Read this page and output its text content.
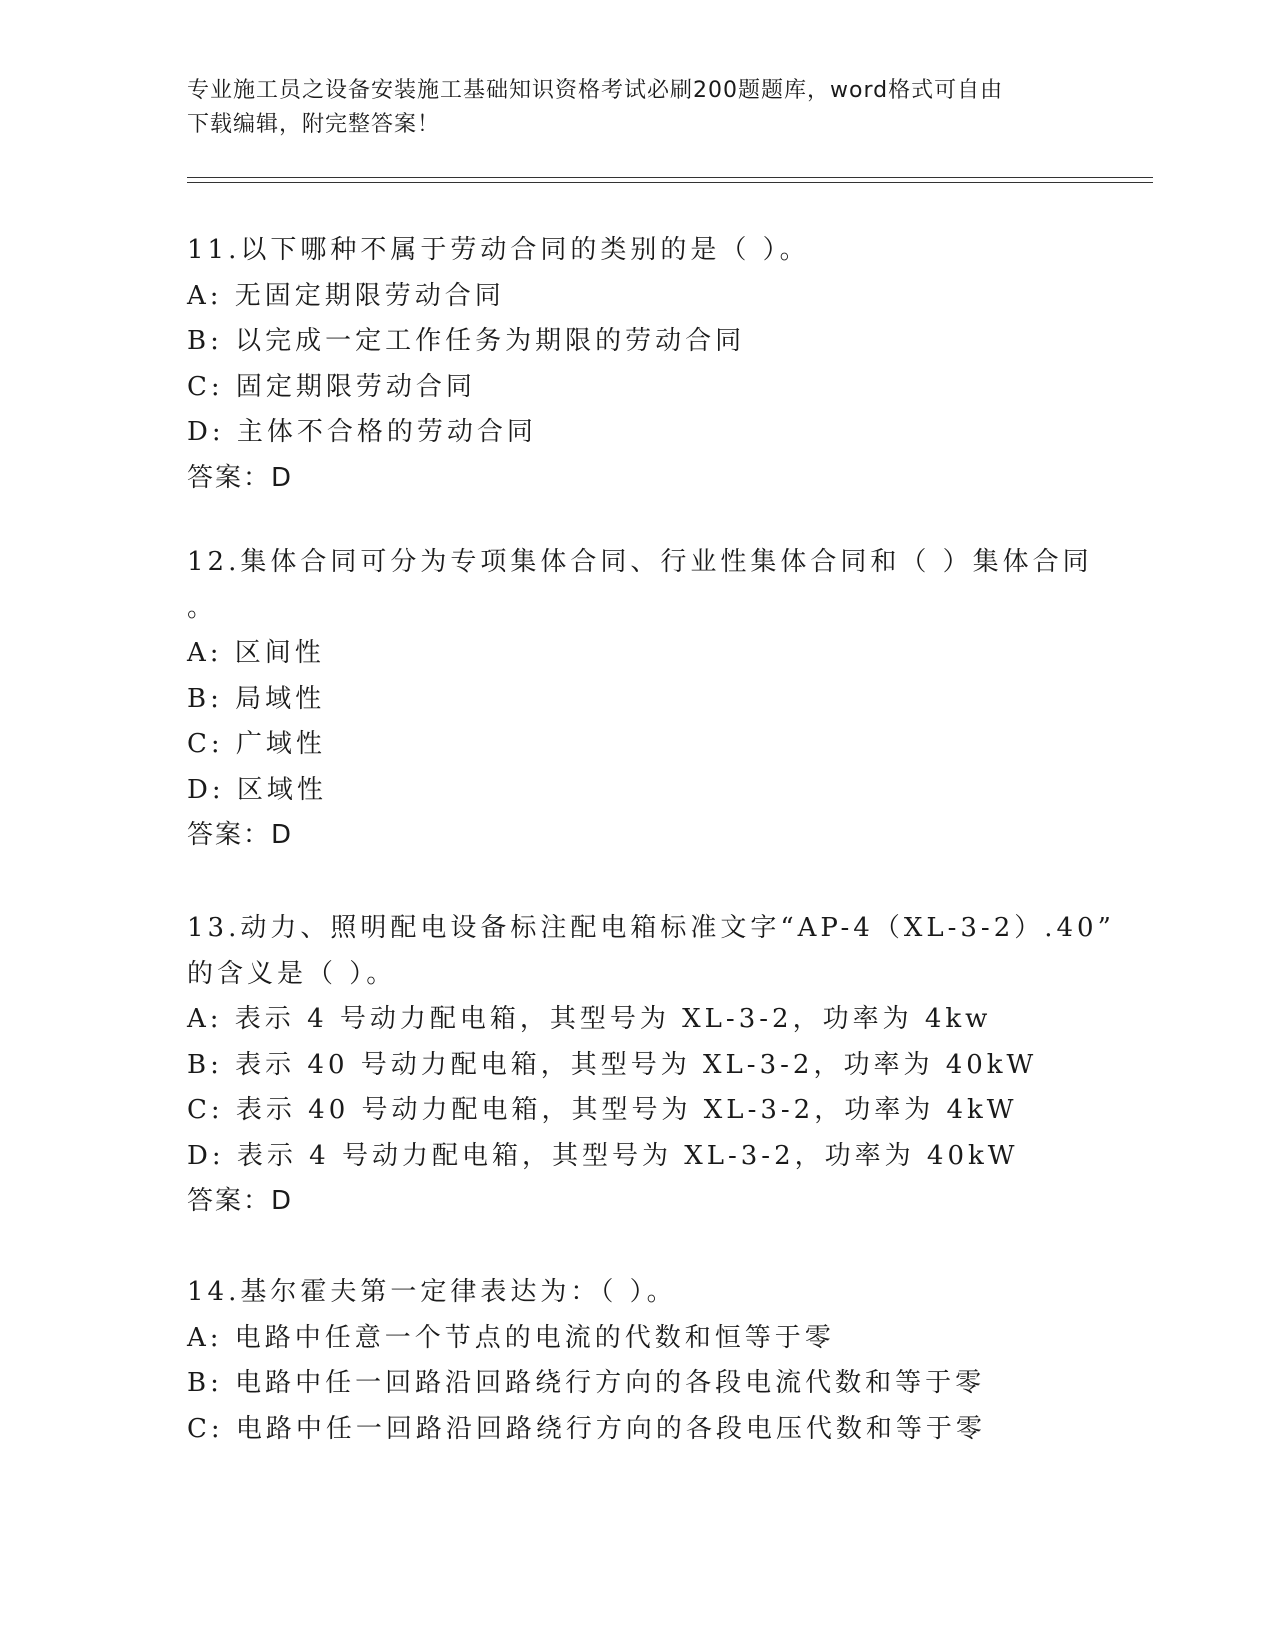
专业施工员之设备安装施工基础知识资格考试必刷200题题库，word格式可自由
下载编辑，附完整答案！
11.以下哪种不属于劳动合同的类别的是（ ）。
A: 无固定期限劳动合同
B: 以完成一定工作任务为期限的劳动合同
C: 固定期限劳动合同
D: 主体不合格的劳动合同
答案：D
12.集体合同可分为专项集体合同、行业性集体合同和（ ）集体合同
。
A: 区间性
B: 局域性
C: 广域性
D: 区域性
答案：D
13.动力、照明配电设备标注配电箱标准文字“AP-4（XL-3-2）.40”
的含义是（ ）。
A: 表示 4 号动力配电箱，其型号为 XL-3-2，功率为 4kw
B: 表示 40 号动力配电箱，其型号为 XL-3-2，功率为 40kW
C: 表示 40 号动力配电箱，其型号为 XL-3-2，功率为 4kW
D: 表示 4 号动力配电箱，其型号为 XL-3-2，功率为 40kW
答案：D
14.基尔霍夫第一定律表达为：（ ）。
A: 电路中任意一个节点的电流的代数和恒等于零
B: 电路中任一回路沿回路绕行方向的各段电流代数和等于零
C: 电路中任一回路沿回路绕行方向的各段电压代数和等于零
